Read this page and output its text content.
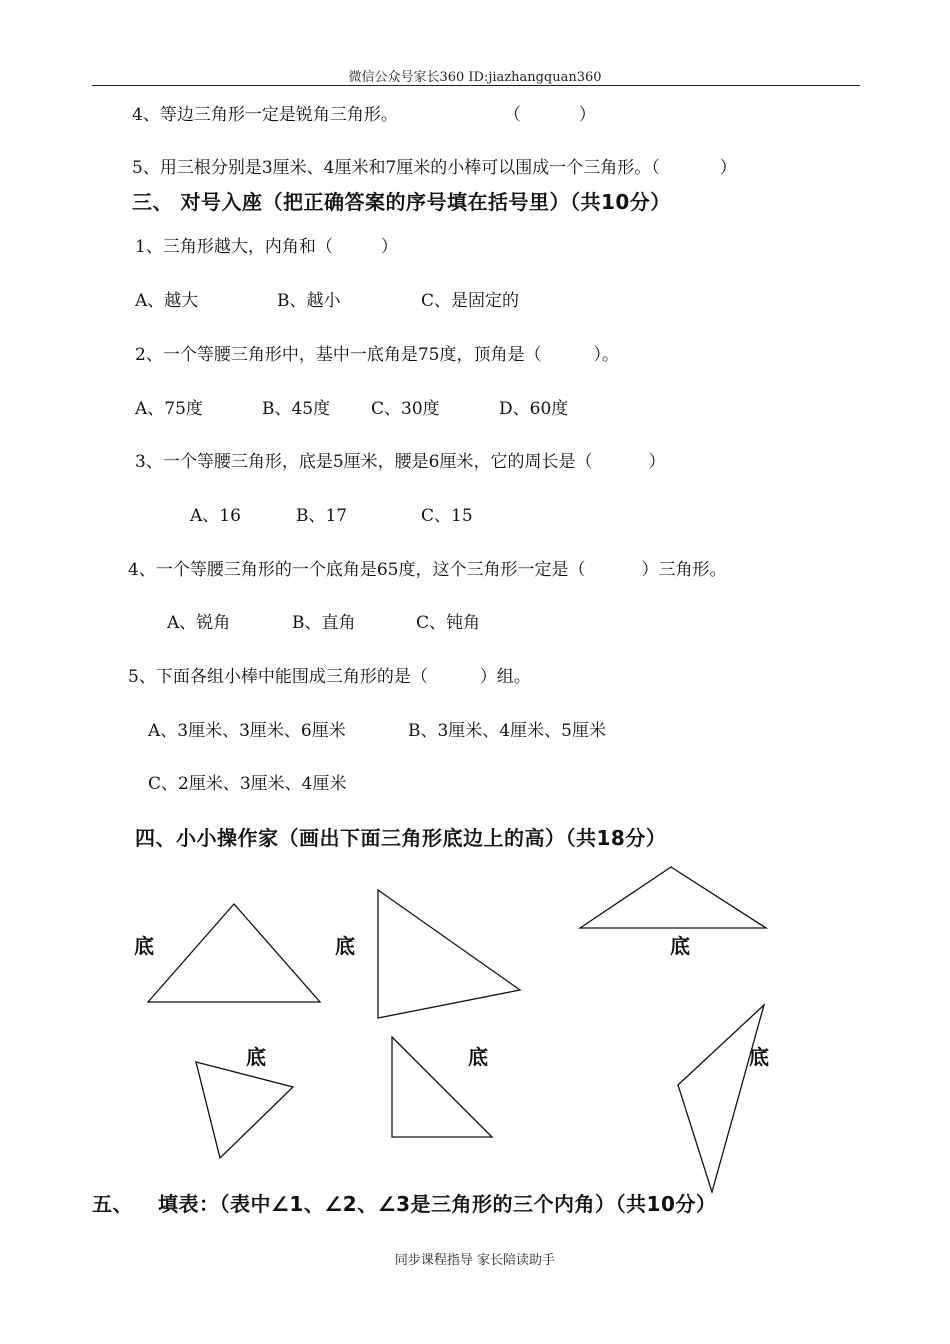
微信公众号家长360 ID:jiazhangquan360
4、等边三角形一定是锐角三角形。	（	）
5、用三根分别是3厘米、4厘米和7厘米的小棒可以围成一个三角形。（	）
三、 对号入座（把正确答案的序号填在括号里）（共10分）
1、三角形越大，内角和（	）
A、越大	B、越小	C、是固定的
2、一个等腰三角形中，基中一底角是75度，顶角是（	）。
A、75度	B、45度 C、30度	D、60度
3、一个等腰三角形，底是5厘米，腰是6厘米，它的周长是（	）
A、16	B、17	C、15
4、一个等腰三角形的一个底角是65度，这个三角形一定是（	）三角形。
A、锐角	B、直角	C、钝角
5、下面各组小棒中能围成三角形的是（	）组。
A、3厘米、3厘米、6厘米	B、3厘米、4厘米、5厘米
C、2厘米、3厘米、4厘米
四、小小操作家（画出下面三角形底边上的高）（共18分）
底	底	底
底	底	底
五、 填表：（表中∠1、∠2、∠3是三角形的三个内角）（共10分）
同步课程指导 家长陪读助手
